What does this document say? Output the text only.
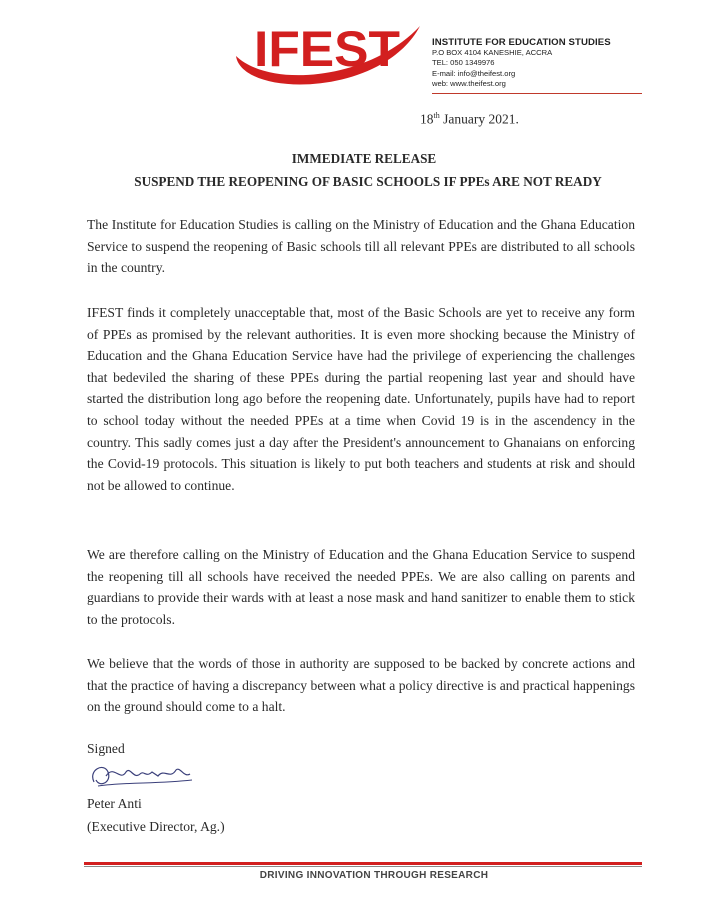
IFEST	INSTITUTE FOR EDUCATION STUDIES
P.O BOX 4104 KANESHIE, ACCRA
TEL: 050 1349976
E-mail: info@theifest.org
web: www.theifest.org
18th January 2021.
IMMEDIATE RELEASE
SUSPEND THE REOPENING OF BASIC SCHOOLS IF PPEs ARE NOT READY

The Institute for Education Studies is calling on the Ministry of Education and the Ghana Education Service to suspend the reopening of Basic schools till all relevant PPEs are distributed to all schools in the country.

IFEST finds it completely unacceptable that, most of the Basic Schools are yet to receive any form of PPEs as promised by the relevant authorities. It is even more shocking because the Ministry of Education and the Ghana Education Service have had the privilege of experiencing the challenges that bedeviled the sharing of these PPEs during the partial reopening last year and should have started the distribution long ago before the reopening date. Unfortunately, pupils have had to report to school today without the needed PPEs at a time when Covid 19 is in the ascendency in the country. This sadly comes just a day after the President's announcement to Ghanaians on enforcing the Covid-19 protocols. This situation is likely to put both teachers and students at risk and should not be allowed to continue.

We are therefore calling on the Ministry of Education and the Ghana Education Service to suspend the reopening till all schools have received the needed PPEs. We are also calling on parents and guardians to provide their wards with at least a nose mask and hand sanitizer to enable them to stick to the protocols.

We believe that the words of those in authority are supposed to be backed by concrete actions and that the practice of having a discrepancy between what a policy directive is and practical happenings on the ground should come to a halt.

Signed
Peter Anti
(Executive Director, Ag.)
DRIVING INNOVATION THROUGH RESEARCH
